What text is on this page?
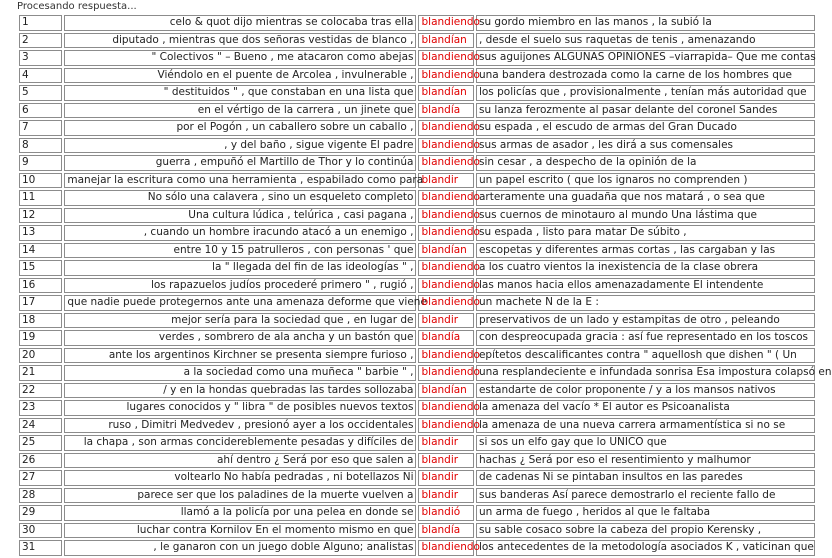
Procesando respuesta...
1	celo & quot dijo mientras se colocaba tras ella	blandiendo	su gordo miembro en las manos , la subió la
2	diputado , mientras que dos señoras vestidas de blanco ,	blandían	, desde el suelo sus raquetas de tenis , amenazando
3	" Colectivos " – Bueno , me atacaron como abejas	blandiendo	sus aguijones ALGUNAS OPINIONES –viarrapida– Que me contas
4	Viéndolo en el puente de Arcolea , invulnerable ,	blandiendo	una bandera destrozada como la carne de los hombres que
5	" destituidos " , que constaban en una lista que	blandían	los policías que , provisionalmente , tenían más autoridad que
6	en el vértigo de la carrera , un jinete que	blandía	su lanza ferozmente al pasar delante del coronel Sandes
7	por el Pogón , un caballero sobre un caballo ,	blandiendo	su espada , el escudo de armas del Gran Ducado
8	, y del baño , sigue vigente El padre	blandiendo	sus armas de asador , les dirá a sus comensales
9	guerra , empuñó el Martillo de Thor y lo continúa	blandiendo	sin cesar , a despecho de la opinión de la
10	manejar la escritura como una herramienta , espabilado como para	blandir	un papel escrito ( que los ignaros no comprenden )
11	No sólo una calavera , sino un esqueleto completo	blandiendo	arteramente una guadaña que nos matará , o sea que
12	Una cultura lúdica , telúrica , casi pagana ,	blandiendo	sus cuernos de minotauro al mundo Una lástima que
13	, cuando un hombre iracundo atacó a un enemigo ,	blandiendo	su espada , listo para matar De súbito ,
14	entre 10 y 15 patrulleros , con personas ' que	blandían	escopetas y diferentes armas cortas , las cargaban y las
15	la " llegada del fin de las ideologías " ,	blandiendo	a los cuatro vientos la inexistencia de la clase obrera
16	los rapazuelos judíos procederé primero " , rugió ,	blandiendo	las manos hacia ellos amenazadamente El intendente
17	que nadie puede protegernos ante una amenaza deforme que viene	blandiendo	un machete N de la E :
18	mejor sería para la sociedad que , en lugar de	blandir	preservativos de un lado y estampitas de otro , peleando
19	verdes , sombrero de ala ancha y un bastón que	blandía	con despreocupada gracia : así fue representado en los toscos
20	ante los argentinos Kirchner se presenta siempre furioso ,	blandiendo	epítetos descalificantes contra " aquellosh que dishen " ( Un
21	a la sociedad como una muñeca " barbie " ,	blandiendo	una resplandeciente e infundada sonrisa Esa impostura colapsó en
22	/ y en la hondas quebradas las tardes sollozaba	blandían	estandarte de color proponente / y a los mansos nativos
23	lugares conocidos y " libra " de posibles nuevos textos	blandiendo	la amenaza del vacío * El autor es Psicoanalista
24	ruso , Dimitri Medvedev , presionó ayer a los occidentales	blandiendo	la amenaza de una nueva carrera armamentística si no se
25	la chapa , son armas concidereblemente pesadas y difíciles de	blandir	si sos un elfo gay que lo UNICO que
26	ahí dentro ¿ Será por eso que salen a	blandir	hachas ¿ Será por eso el resentimiento y malhumor
27	voltearlo No había pedradas , ni botellazos Ni	blandir	de cadenas Ni se pintaban insultos en las paredes
28	parece ser que los paladines de la muerte vuelven a	blandir	sus banderas Así parece demostrarlo el reciente fallo de
29	llamó a la policía por una pelea en donde se	blandió	un arma de fuego , heridos al que le faltaba
30	luchar contra Kornilov En el momento mismo en que	blandía	su sable cosaco sobre la cabeza del propio Kerensky ,
31	, le ganaron con un juego doble Alguno; analistas	blandiendo	los antecedentes de la metodología asociados K , vaticinan que
